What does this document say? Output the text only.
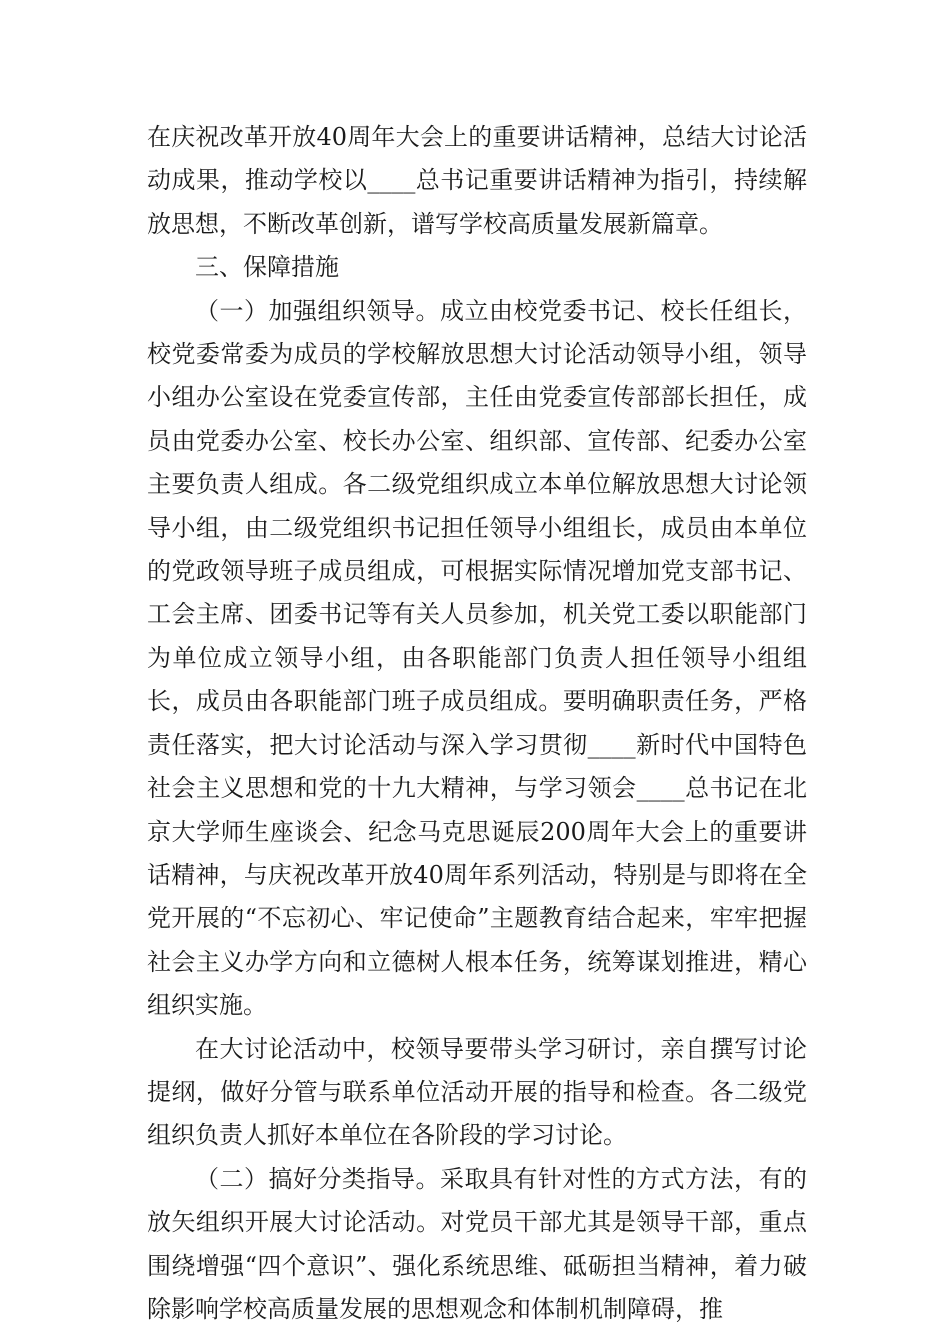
在庆祝改革开放40周年大会上的重要讲话精神，总结大讨论活动成果，推动学校以____总书记重要讲话精神为指引，持续解放思想，不断改革创新，谱写学校高质量发展新篇章。

三、保障措施

（一）加强组织领导。成立由校党委书记、校长任组长，校党委常委为成员的学校解放思想大讨论活动领导小组，领导小组办公室设在党委宣传部，主任由党委宣传部部长担任，成员由党委办公室、校长办公室、组织部、宣传部、纪委办公室主要负责人组成。各二级党组织成立本单位解放思想大讨论领导小组，由二级党组织书记担任领导小组组长，成员由本单位的党政领导班子成员组成，可根据实际情况增加党支部书记、工会主席、团委书记等有关人员参加，机关党工委以职能部门为单位成立领导小组，由各职能部门负责人担任领导小组组长，成员由各职能部门班子成员组成。要明确职责任务，严格责任落实，把大讨论活动与深入学习贯彻____新时代中国特色社会主义思想和党的十九大精神，与学习领会____总书记在北京大学师生座谈会、纪念马克思诞辰200周年大会上的重要讲话精神，与庆祝改革开放40周年系列活动，特别是与即将在全党开展的“不忘初心、牢记使命”主题教育结合起来，牢牢把握社会主义办学方向和立德树人根本任务，统筹谋划推进，精心组织实施。

在大讨论活动中，校领导要带头学习研讨，亲自撰写讨论提纲，做好分管与联系单位活动开展的指导和检查。各二级党组织负责人抓好本单位在各阶段的学习讨论。

（二）搞好分类指导。采取具有针对性的方式方法，有的放矢组织开展大讨论活动。对党员干部尤其是领导干部，重点围绕增强“四个意识”、强化系统思维、砥砺担当精神，着力破除影响学校高质量发展的思想观念和体制机制障碍，推
